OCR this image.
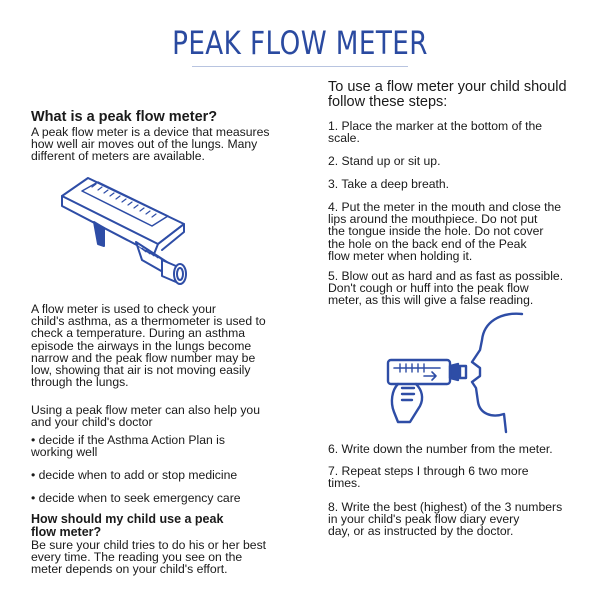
PEAK FLOW METER
What is a peak flow meter?
A peak flow meter is a device that measures
how well air moves out of the lungs. Many
different of meters are available.
A flow meter is used to check your
child's asthma, as a thermometer is used to
check a temperature. During an asthma
episode the airways in the lungs become
narrow and the peak flow number may be
low, showing that air is not moving easily
through the lungs.
Using a peak flow meter can also help you
and your child's doctor
• decide if the Asthma Action Plan is
working well
• decide when to add or stop medicine
• decide when to seek emergency care
How should my child use a peak
flow meter?
Be sure your child tries to do his or her best
every time. The reading you see on the
meter depends on your child's effort.
To use a flow meter your child should
follow these steps:
1. Place the marker at the bottom of the
scale.
2. Stand up or sit up.
3. Take a deep breath.
4. Put the meter in the mouth and close the
lips around the mouthpiece. Do not put
the tongue inside the hole. Do not cover
the hole on the back end of the Peak
flow meter when holding it.
5. Blow out as hard and as fast as possible.
Don't cough or huff into the peak flow
meter, as this will give a false reading.
6. Write down the number from the meter.
7. Repeat steps I through 6 two more
times.
8. Write the best (highest) of the 3 numbers
in your child's peak flow diary every
day, or as instructed by the doctor.
